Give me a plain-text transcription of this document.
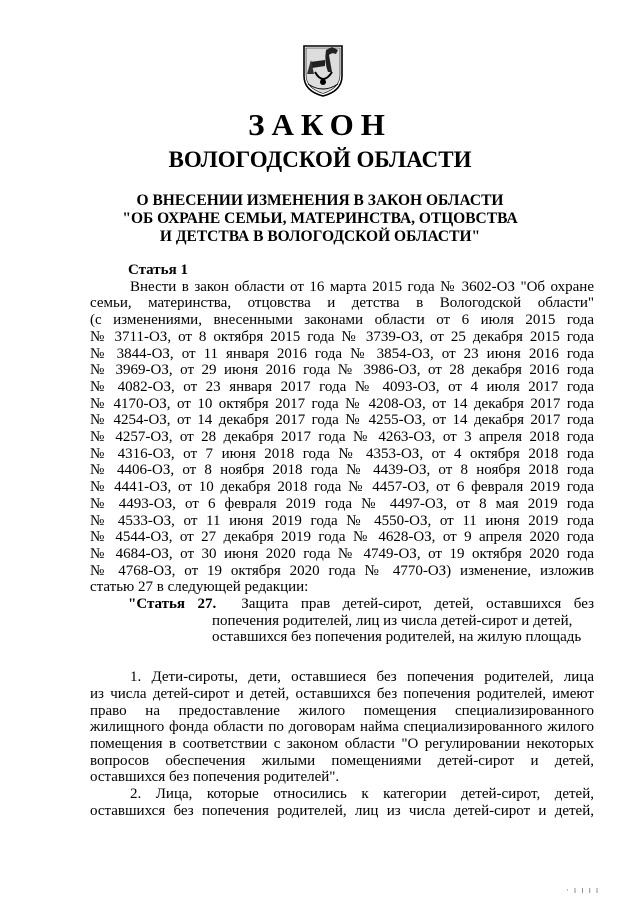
ЗАКОН
ВОЛОГОДСКОЙ ОБЛАСТИ
О ВНЕСЕНИИ ИЗМЕНЕНИЯ В ЗАКОН ОБЛАСТИ
"ОБ ОХРАНЕ СЕМЬИ, МАТЕРИНСТВА, ОТЦОВСТВА
И ДЕТСТВА В ВОЛОГОДСКОЙ ОБЛАСТИ"
Статья 1
Внести в закон области от 16 марта 2015 года № 3602-ОЗ "Об охране
семьи, материнства, отцовства и детства в Вологодской области"
(с изменениями, внесенными законами области от 6 июля 2015 года
№ 3711-ОЗ, от 8 октября 2015 года № 3739-ОЗ, от 25 декабря 2015 года
№ 3844-ОЗ, от 11 января 2016 года № 3854-ОЗ, от 23 июня 2016 года
№ 3969-ОЗ, от 29 июня 2016 года № 3986-ОЗ, от 28 декабря 2016 года
№ 4082-ОЗ, от 23 января 2017 года № 4093-ОЗ, от 4 июля 2017 года
№ 4170-ОЗ, от 10 октября 2017 года № 4208-ОЗ, от 14 декабря 2017 года
№ 4254-ОЗ, от 14 декабря 2017 года № 4255-ОЗ, от 14 декабря 2017 года
№ 4257-ОЗ, от 28 декабря 2017 года № 4263-ОЗ, от 3 апреля 2018 года
№ 4316-ОЗ, от 7 июня 2018 года № 4353-ОЗ, от 4 октября 2018 года
№ 4406-ОЗ, от 8 ноября 2018 года № 4439-ОЗ, от 8 ноября 2018 года
№ 4441-ОЗ, от 10 декабря 2018 года № 4457-ОЗ, от 6 февраля 2019 года
№ 4493-ОЗ, от 6 февраля 2019 года № 4497-ОЗ, от 8 мая 2019 года
№ 4533-ОЗ, от 11 июня 2019 года № 4550-ОЗ, от 11 июня 2019 года
№ 4544-ОЗ, от 27 декабря 2019 года № 4628-ОЗ, от 9 апреля 2020 года
№ 4684-ОЗ, от 30 июня 2020 года № 4749-ОЗ, от 19 октября 2020 года
№ 4768-ОЗ, от 19 октября 2020 года № 4770-ОЗ) изменение, изложив
статью 27 в следующей редакции:
"Статья 27. Защита прав детей-сирот, детей, оставшихся без
попечения родителей, лиц из числа детей-сирот и детей,
оставшихся без попечения родителей, на жилую площадь
1. Дети-сироты, дети, оставшиеся без попечения родителей, лица
из числа детей-сирот и детей, оставшихся без попечения родителей, имеют
право на предоставление жилого помещения специализированного
жилищного фонда области по договорам найма специализированного жилого
помещения в соответствии с законом области "О регулировании некоторых
вопросов обеспечения жилыми помещениями детей-сирот и детей,
оставшихся без попечения родителей".
2. Лица, которые относились к категории детей-сирот, детей,
оставшихся без попечения родителей, лиц из числа детей-сирот и детей,
· ı ı ı ı
